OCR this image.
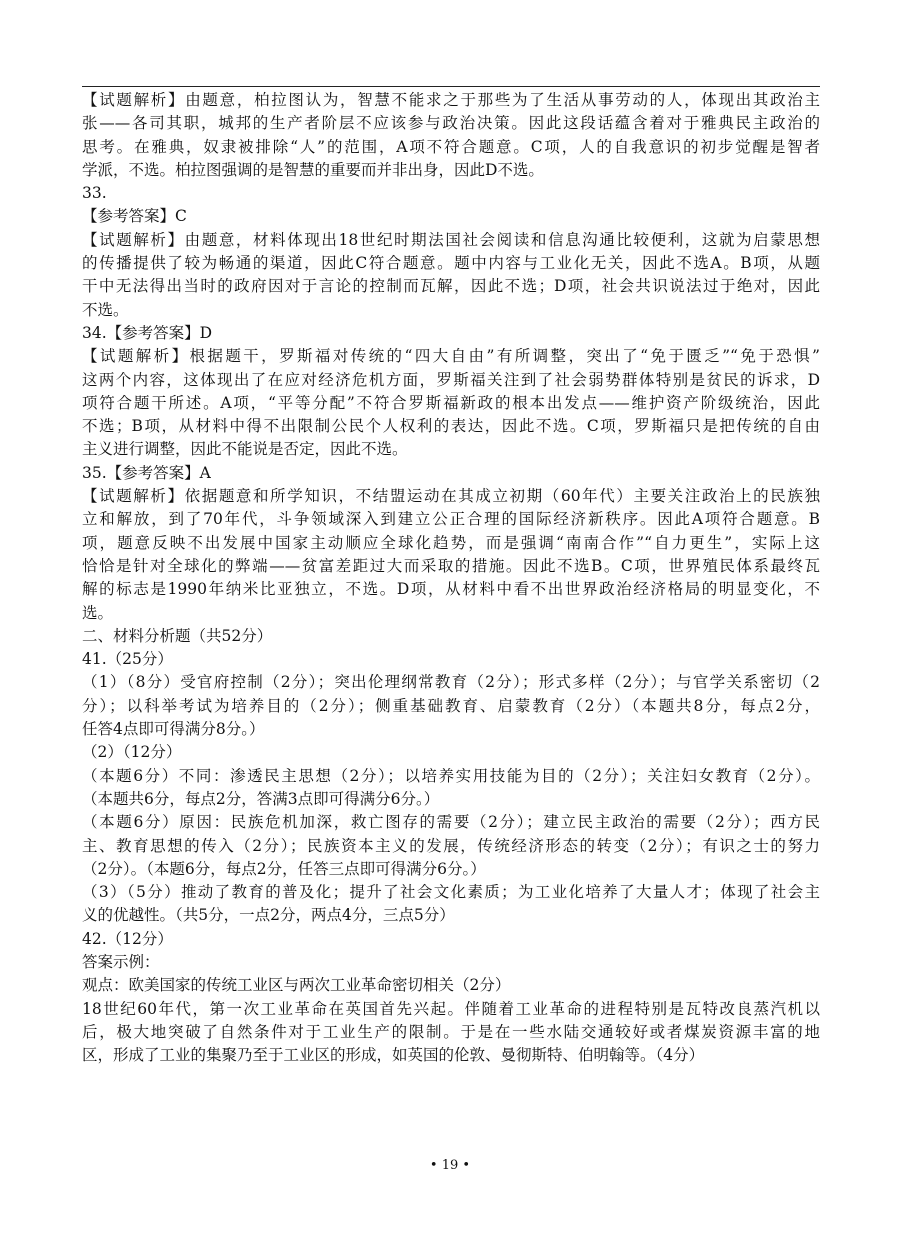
【试题解析】由题意，柏拉图认为，智慧不能求之于那些为了生活从事劳动的人，体现出其政治主
张——各司其职，城邦的生产者阶层不应该参与政治决策。因此这段话蕴含着对于雅典民主政治的
思考。在雅典，奴隶被排除“人”的范围，A项不符合题意。C项，人的自我意识的初步觉醒是智者
学派，不选。柏拉图强调的是智慧的重要而并非出身，因此D不选。
33.
【参考答案】C
【试题解析】由题意，材料体现出18世纪时期法国社会阅读和信息沟通比较便利，这就为启蒙思想
的传播提供了较为畅通的渠道，因此C符合题意。题中内容与工业化无关，因此不选A。B项，从题
干中无法得出当时的政府因对于言论的控制而瓦解，因此不选；D项，社会共识说法过于绝对，因此
不选。
34.【参考答案】D
【试题解析】根据题干，罗斯福对传统的“四大自由”有所调整，突出了“免于匮乏”“免于恐惧”
这两个内容，这体现出了在应对经济危机方面，罗斯福关注到了社会弱势群体特别是贫民的诉求，D
项符合题干所述。A项，“平等分配”不符合罗斯福新政的根本出发点——维护资产阶级统治，因此
不选；B项，从材料中得不出限制公民个人权利的表达，因此不选。C项，罗斯福只是把传统的自由
主义进行调整，因此不能说是否定，因此不选。
35.【参考答案】A
【试题解析】依据题意和所学知识，不结盟运动在其成立初期（60年代）主要关注政治上的民族独
立和解放，到了70年代，斗争领域深入到建立公正合理的国际经济新秩序。因此A项符合题意。B
项，题意反映不出发展中国家主动顺应全球化趋势，而是强调“南南合作”“自力更生”，实际上这
恰恰是针对全球化的弊端——贫富差距过大而采取的措施。因此不选B。C项，世界殖民体系最终瓦
解的标志是1990年纳米比亚独立，不选。D项，从材料中看不出世界政治经济格局的明显变化，不
选。
二、材料分析题（共52分）
41.（25分）
（1）（8分）受官府控制（2分）；突出伦理纲常教育（2分）；形式多样（2分）；与官学关系密切（2
分）；以科举考试为培养目的（2分）；侧重基础教育、启蒙教育（2分）（本题共8分，每点2分，
任答4点即可得满分8分。）
（2）（12分）
（本题6分）不同：渗透民主思想（2分）；以培养实用技能为目的（2分）；关注妇女教育（2分）。
（本题共6分，每点2分，答满3点即可得满分6分。）
（本题6分）原因：民族危机加深，救亡图存的需要（2分）；建立民主政治的需要（2分）；西方民
主、教育思想的传入（2分）；民族资本主义的发展，传统经济形态的转变（2分）；有识之士的努力
（2分）。（本题6分，每点2分，任答三点即可得满分6分。）
（3）（5分）推动了教育的普及化；提升了社会文化素质；为工业化培养了大量人才；体现了社会主
义的优越性。（共5分，一点2分，两点4分，三点5分）
42.（12分）
答案示例：
观点：欧美国家的传统工业区与两次工业革命密切相关（2分）
18世纪60年代，第一次工业革命在英国首先兴起。伴随着工业革命的进程特别是瓦特改良蒸汽机以
后，极大地突破了自然条件对于工业生产的限制。于是在一些水陆交通较好或者煤炭资源丰富的地
区，形成了工业的集聚乃至于工业区的形成，如英国的伦敦、曼彻斯特、伯明翰等。（4分）
• 19 •
